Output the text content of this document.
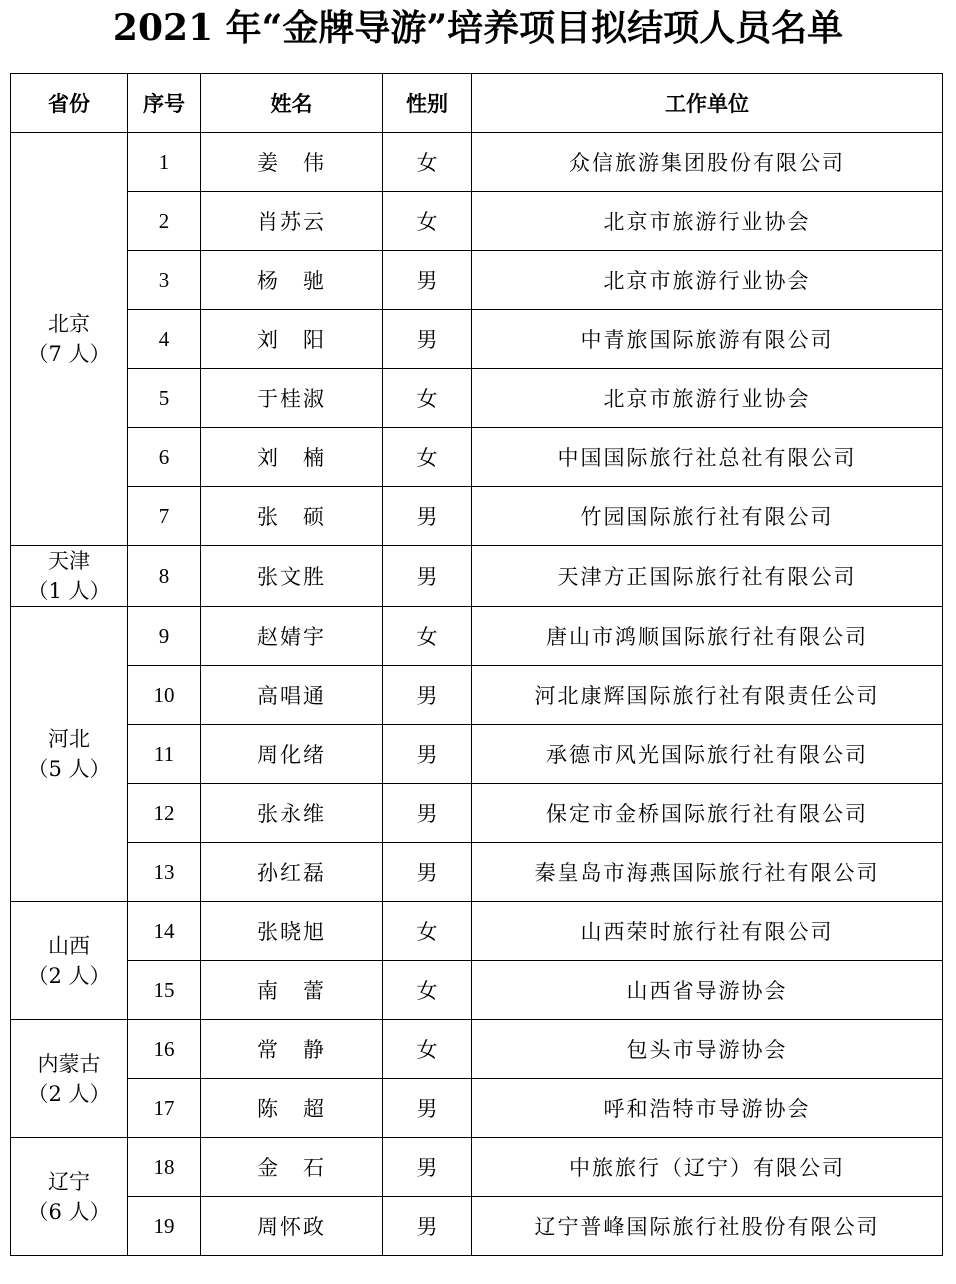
2021 年“金牌导游”培养项目拟结项人员名单
省份	序号	姓名	性别	工作单位

北京
（7 人）	1	姜　伟	女	众信旅游集团股份有限公司
	2	肖苏云	女	北京市旅游行业协会
	3	杨　驰	男	北京市旅游行业协会
	4	刘　阳	男	中青旅国际旅游有限公司
	5	于桂淑	女	北京市旅游行业协会
	6	刘　楠	女	中国国际旅行社总社有限公司
	7	张　硕	男	竹园国际旅行社有限公司

天津
（1 人）	8	张文胜	男	天津方正国际旅行社有限公司

河北
（5 人）	9	赵婧宇	女	唐山市鸿顺国际旅行社有限公司
	10	高唱通	男	河北康辉国际旅行社有限责任公司
	11	周化绪	男	承德市风光国际旅行社有限公司
	12	张永维	男	保定市金桥国际旅行社有限公司
	13	孙红磊	男	秦皇岛市海燕国际旅行社有限公司

山西
（2 人）	14	张晓旭	女	山西荣时旅行社有限公司
	15	南　蕾	女	山西省导游协会

内蒙古
（2 人）	16	常　静	女	包头市导游协会
	17	陈　超	男	呼和浩特市导游协会

辽宁
（6 人）	18	金　石	男	中旅旅行（辽宁）有限公司
	19	周怀政	男	辽宁普峰国际旅行社股份有限公司
